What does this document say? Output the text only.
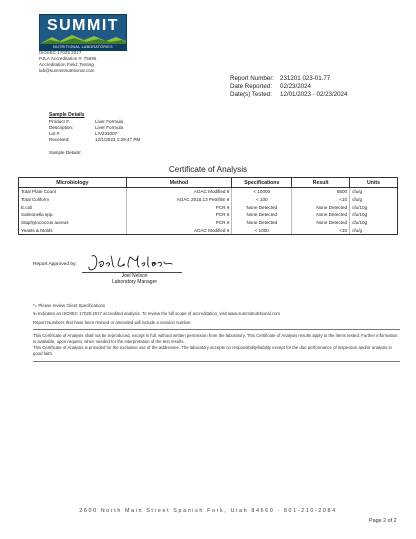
SUMMIT
NUTRITIONAL LABORATORIES
ISO/IEC 17025:2017
PJLA Accreditation #: 75696
Accreditation Field: Testing
lab@summitnutritional.com
Report Number: 231201 023-01.77
Date Reported:	02/23/2024
Date(s) Tested:	12/01/2023 - 02/23/2024
Sample Details
Product #:	Liver Formula
Description:	Liver Formula
Lot #:	LIV231007
Received:	12/1/2023 1:28:47 PM
Sample Details:
Certificate of Analysis
Microbiology	Method	Specifications	Result	Units
Total Plate Count	AOAC Modified ¥	< 10000	5500	cfu/g
Total Coliform	AOAC 2018.13 Petrifilm ¥	< 100	<10	cfu/g
E.coli	PCR ¥	None Detected	None Detected	cfu/10g
Salmonella spp.	PCR ¥	None Detected	None Detected	cfu/10g
Staphylococcus aureus	PCR ¥	None Detected	None Detected	cfu/10g
Yeasts & Molds	AOAC Modified ¥	< 1000	<10	cfu/g
Report Approved by:
Joel Nelson
Laboratory Manager
*= Please review Client Specifications
¥=Indicates an ISO/IEC 17025:2017 accredited analysis. To review the full scope of accreditation, visit www.summitnutritional.com
Report Numbers that have been revised or amended will include a revision number.

This Certificate of Analysis shall not be reproduced, except in full, without written permission from the laboratory. This Certificate of Analysis results apply to the items tested. Further information is available, upon request, when needed for the interpretation of the test results.

This Certificate of Analysis is provided for the exclusive use of the addressee. The laboratory accepts no responsibility/liability except for the due performance of inspection and/or analysis in good faith.

2600 North Main Street Spanish Fork, Utah 84660 - 801-210-2084
Page 2 of 2
